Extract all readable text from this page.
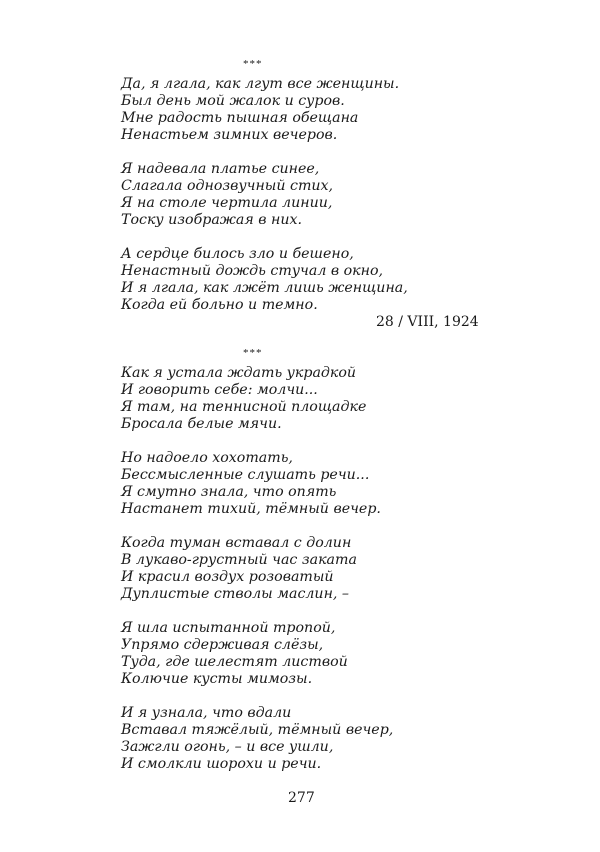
***
Да, я лгала, как лгут все женщины.
Был день мой жалок и суров.
Мне радость пышная обещана
Ненастьем зимних вечеров.
Я надевала платье синее,
Слагала однозвучный стих,
Я на столе чертила линии,
Тоску изображая в них.
А сердце билось зло и бешено,
Ненастный дождь стучал в окно,
И я лгала, как лжёт лишь женщина,
Когда ей больно и темно.
28 / VIII, 1924
***
Как я устала ждать украдкой
И говорить себе: молчи...
Я там, на теннисной площадке
Бросала белые мячи.
Но надоело хохотать,
Бессмысленные слушать речи...
Я смутно знала, что опять
Настанет тихий, тёмный вечер.
Когда туман вставал с долин
В лукаво-грустный час заката
И красил воздух розоватый
Дуплистые стволы маслин, –
Я шла испытанной тропой,
Упрямо сдерживая слёзы,
Туда, где шелестят листвой
Колючие кусты мимозы.
И я узнала, что вдали
Вставал тяжёлый, тёмный вечер,
Зажгли огонь, – и все ушли,
И смолкли шорохи и речи.
277
